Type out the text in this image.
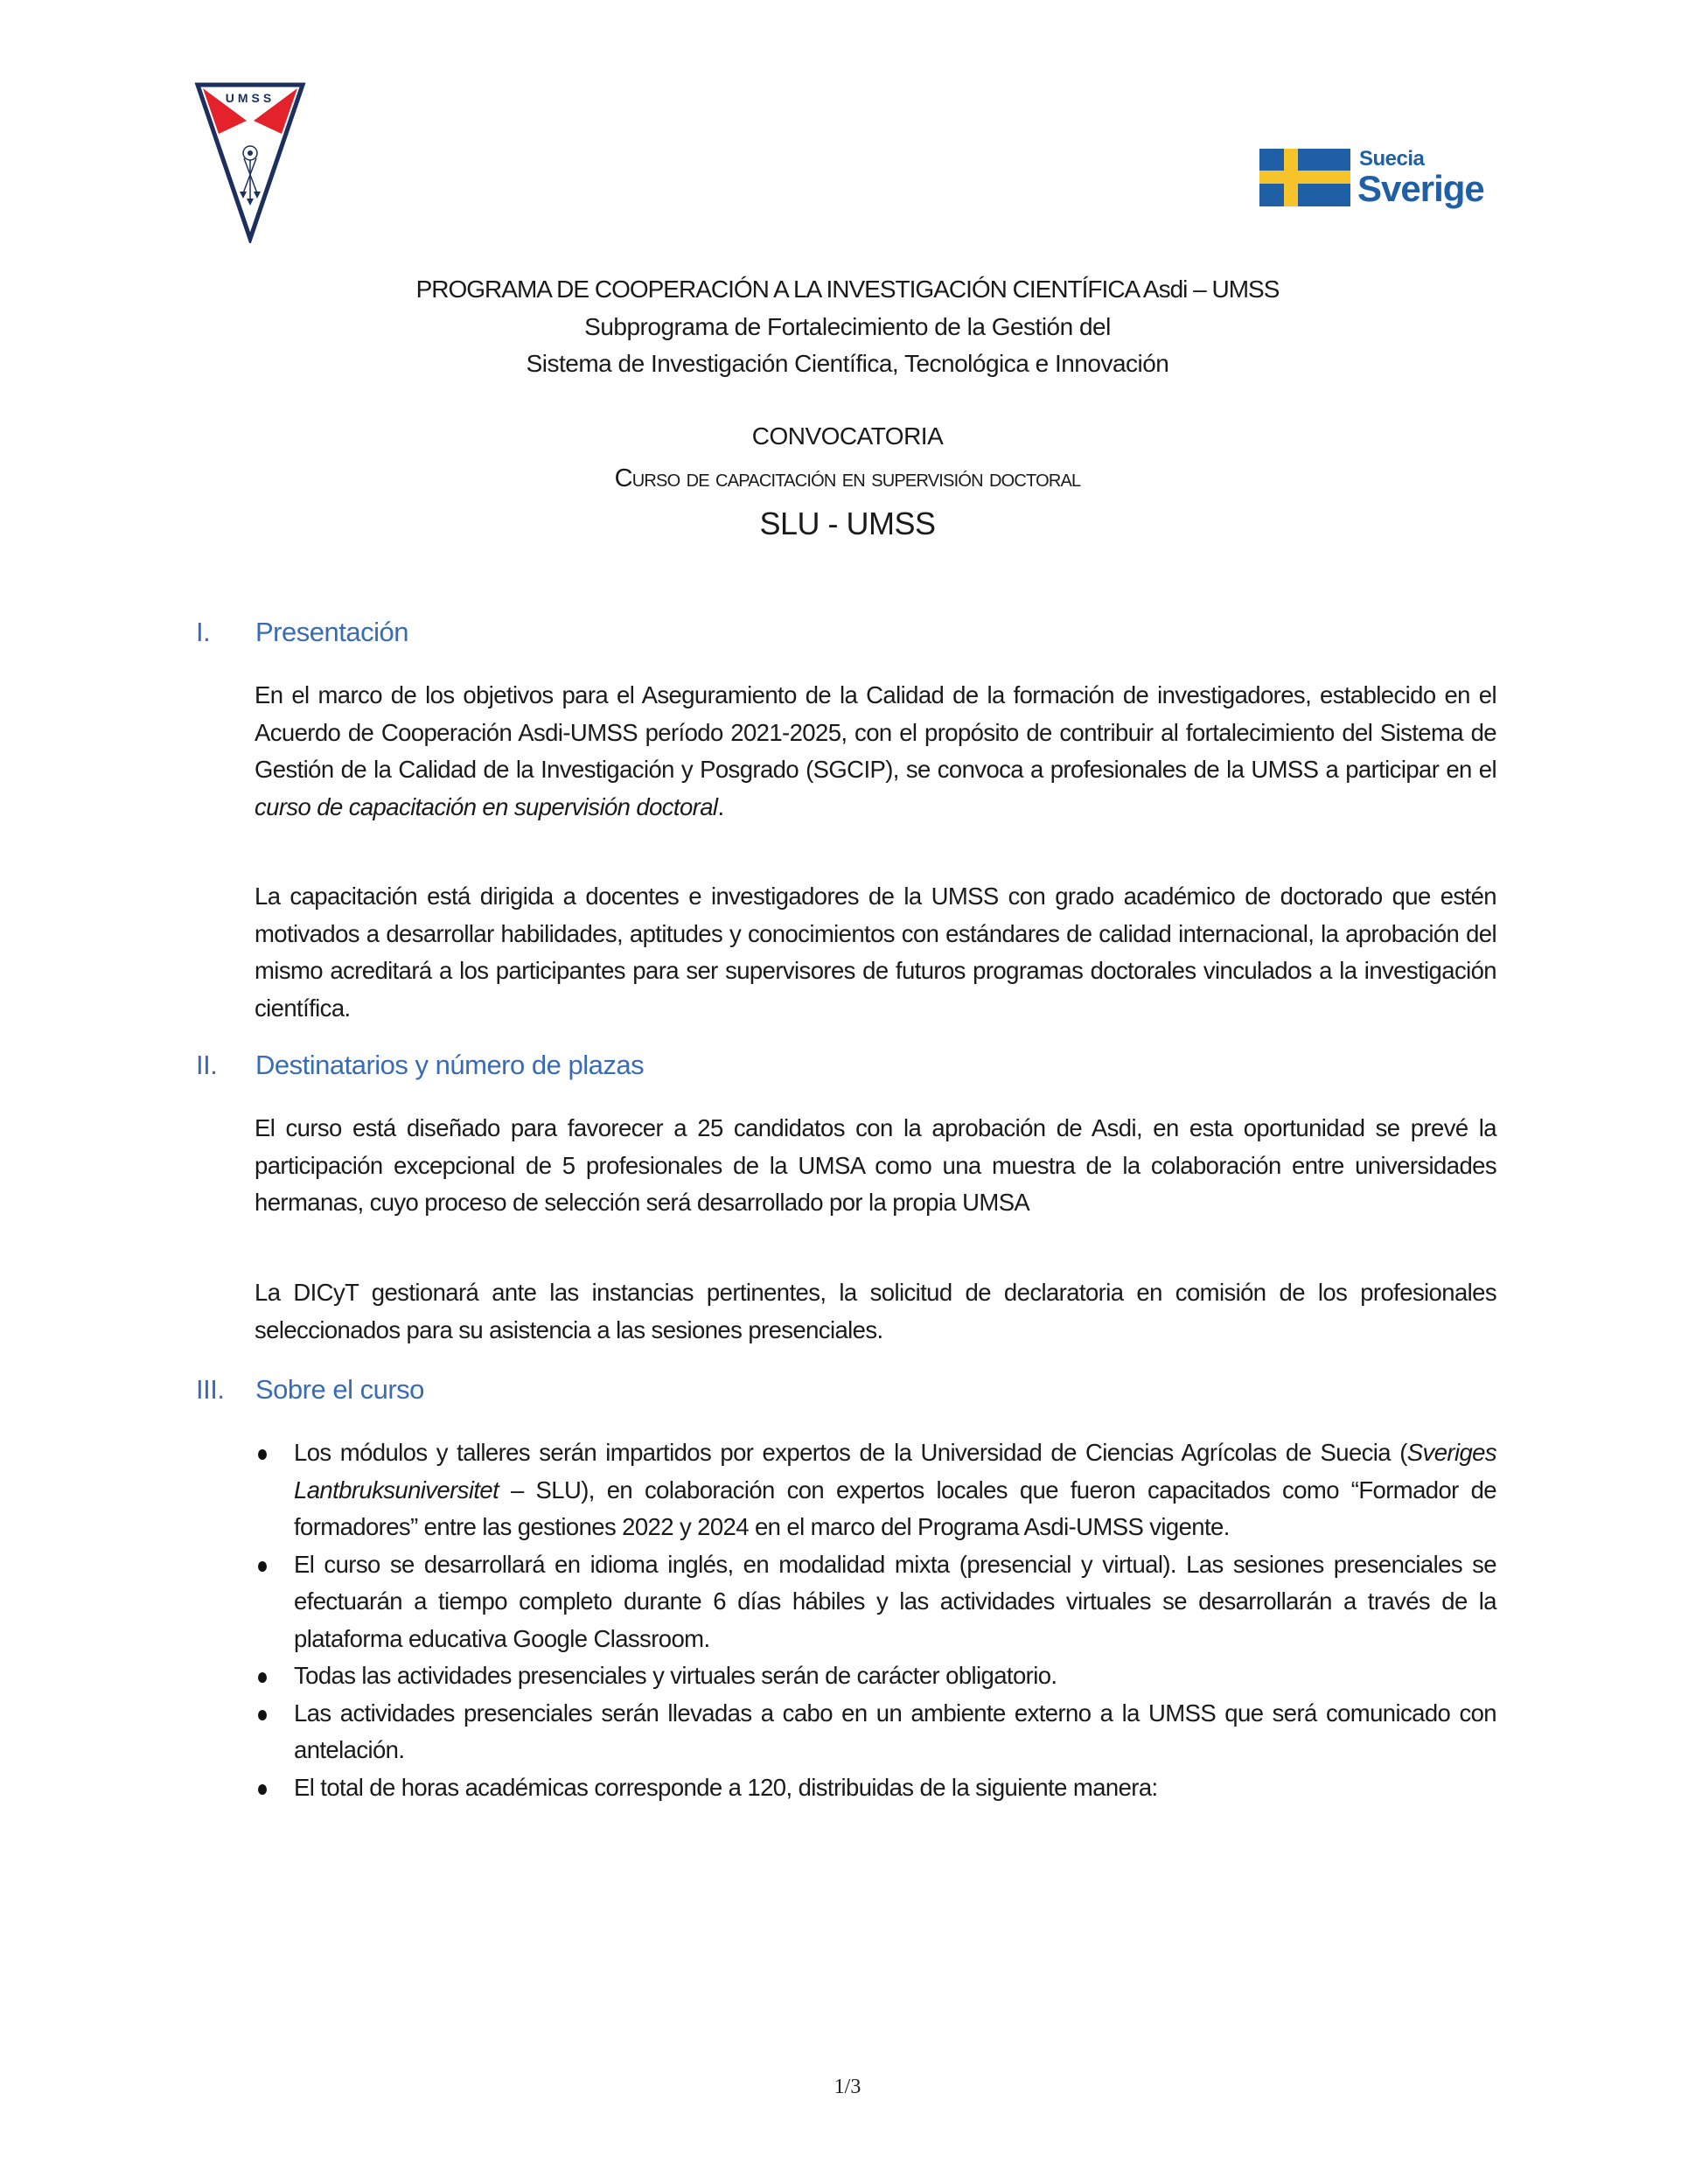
UMSS
Suecia
Sverige
PROGRAMA DE COOPERACIÓN A LA INVESTIGACIÓN CIENTÍFICA Asdi – UMSS
Subprograma de Fortalecimiento de la Gestión del
Sistema de Investigación Científica, Tecnológica e Innovación
CONVOCATORIA
Curso de capacitación en supervisión doctoral
SLU - UMSS
I. Presentación
En el marco de los objetivos para el Aseguramiento de la Calidad de la formación de investigadores, establecido en el Acuerdo de Cooperación Asdi-UMSS período 2021-2025, con el propósito de contribuir al fortalecimiento del Sistema de Gestión de la Calidad de la Investigación y Posgrado (SGCIP), se convoca a profesionales de la UMSS a participar en el curso de capacitación en supervisión doctoral.
La capacitación está dirigida a docentes e investigadores de la UMSS con grado académico de doctorado que estén motivados a desarrollar habilidades, aptitudes y conocimientos con estándares de calidad internacional, la aprobación del mismo acreditará a los participantes para ser supervisores de futuros programas doctorales vinculados a la investigación científica.
II. Destinatarios y número de plazas
El curso está diseñado para favorecer a 25 candidatos con la aprobación de Asdi, en esta oportunidad se prevé la participación excepcional de 5 profesionales de la UMSA como una muestra de la colaboración entre universidades hermanas, cuyo proceso de selección será desarrollado por la propia UMSA
La DICyT gestionará ante las instancias pertinentes, la solicitud de declaratoria en comisión de los profesionales seleccionados para su asistencia a las sesiones presenciales.
III. Sobre el curso
Los módulos y talleres serán impartidos por expertos de la Universidad de Ciencias Agrícolas de Suecia (Sveriges Lantbruksuniversitet – SLU), en colaboración con expertos locales que fueron capacitados como “Formador de formadores” entre las gestiones 2022 y 2024 en el marco del Programa Asdi-UMSS vigente.
El curso se desarrollará en idioma inglés, en modalidad mixta (presencial y virtual). Las sesiones presenciales se efectuarán a tiempo completo durante 6 días hábiles y las actividades virtuales se desarrollarán a través de la plataforma educativa Google Classroom.
Todas las actividades presenciales y virtuales serán de carácter obligatorio.
Las actividades presenciales serán llevadas a cabo en un ambiente externo a la UMSS que será comunicado con antelación.
El total de horas académicas corresponde a 120, distribuidas de la siguiente manera:
1/3
